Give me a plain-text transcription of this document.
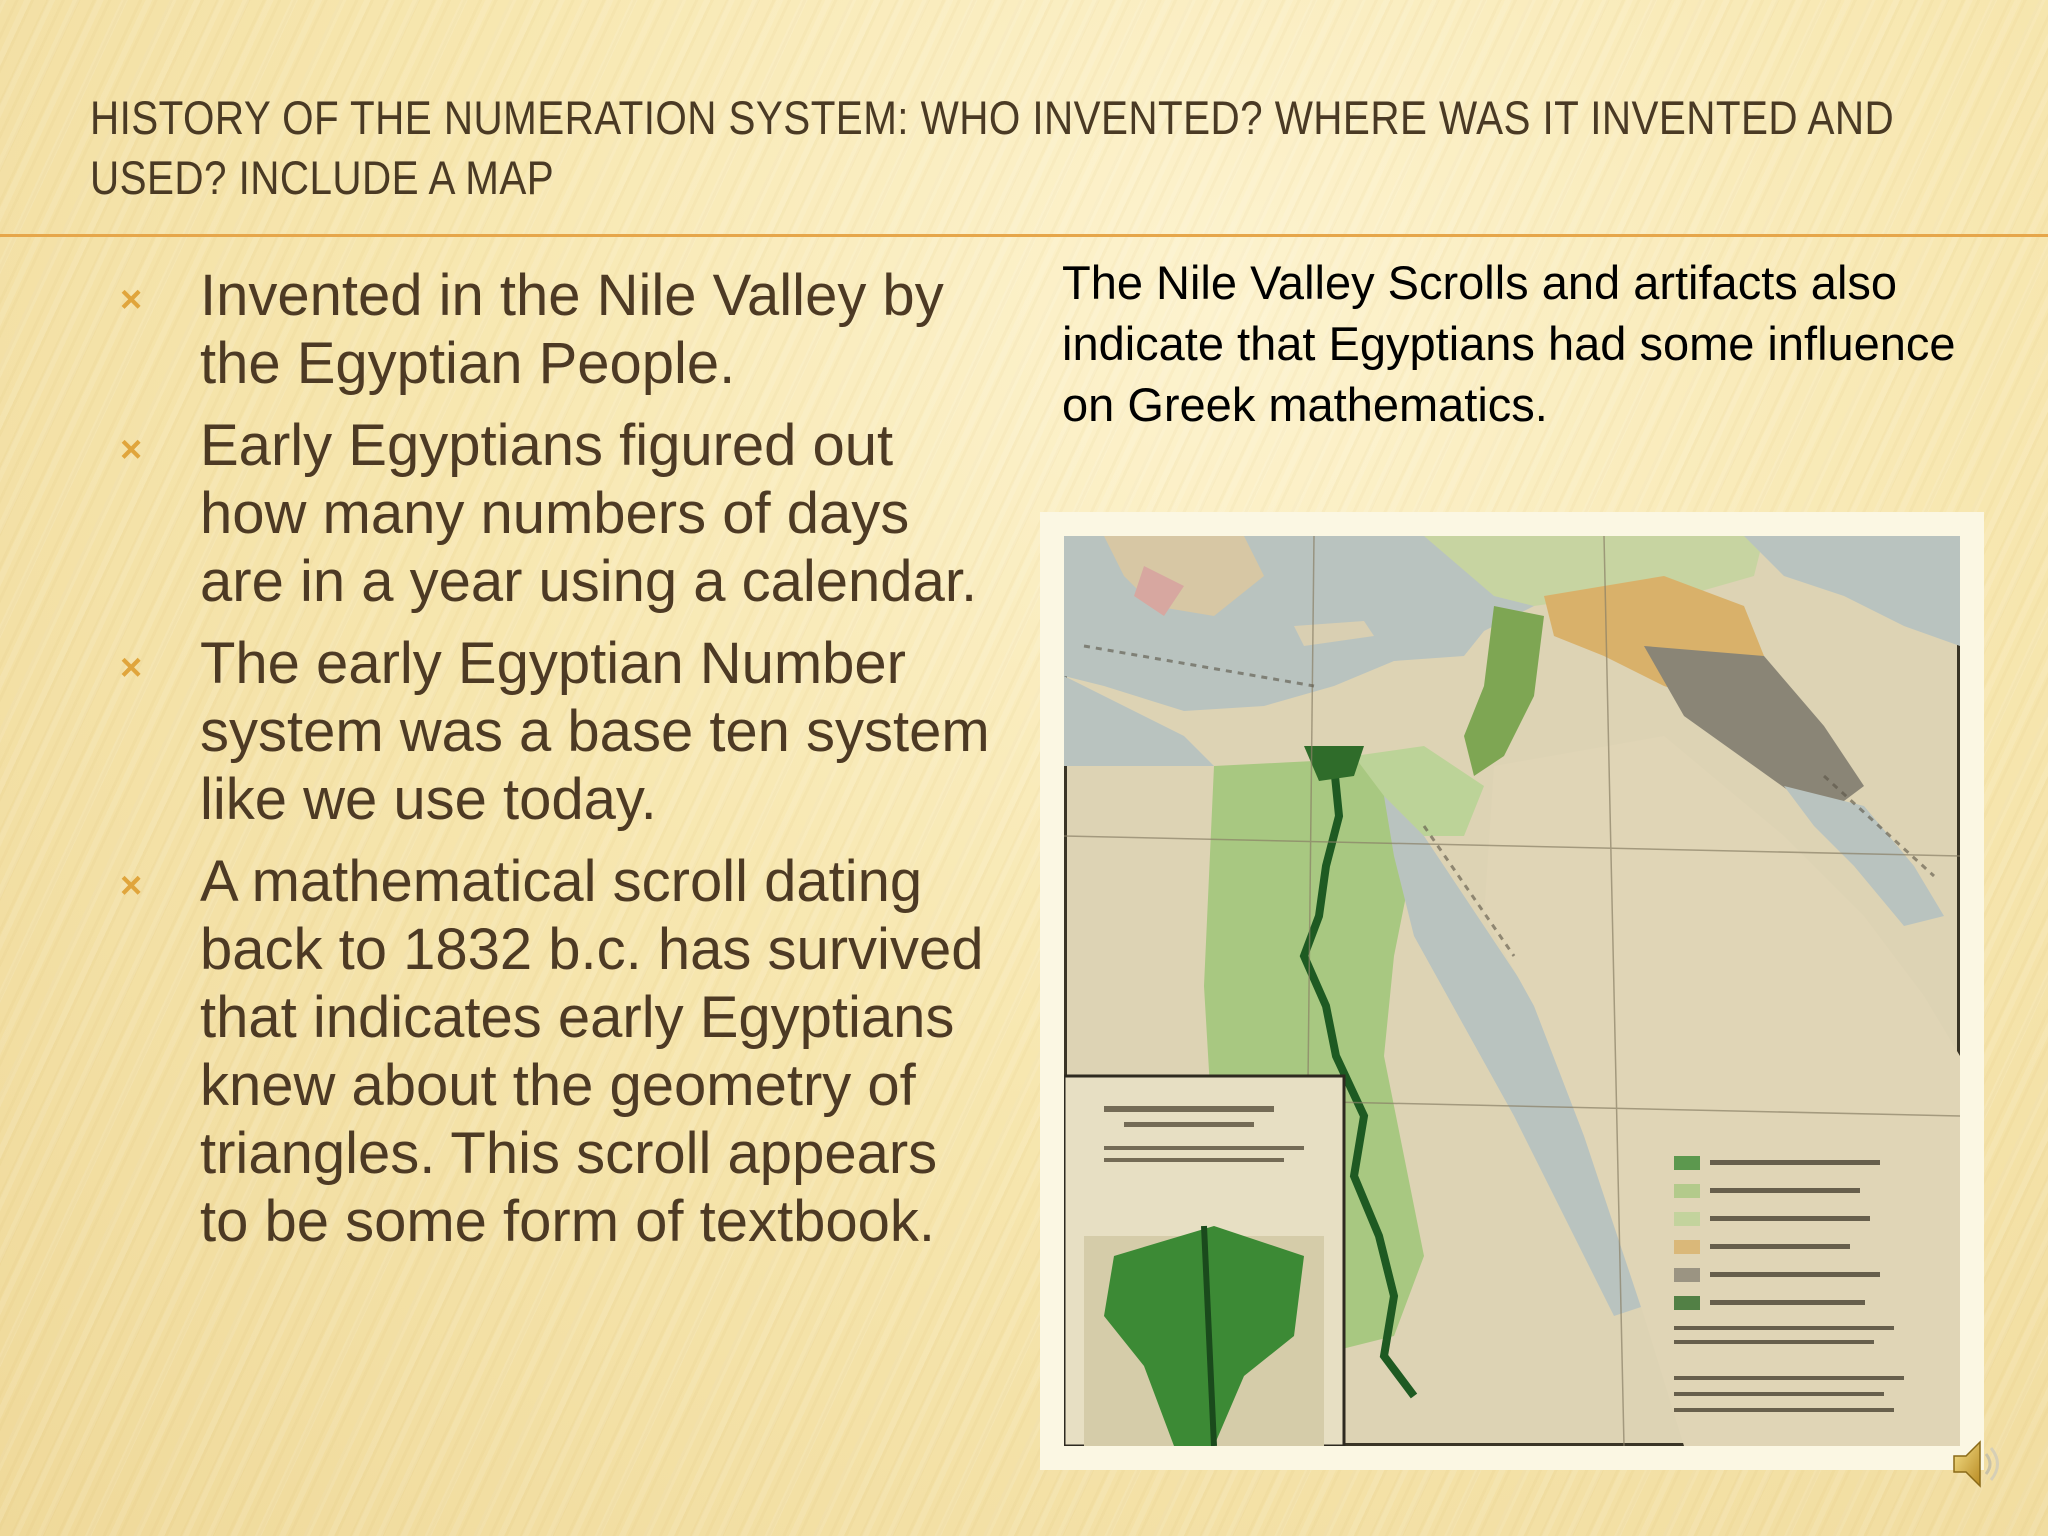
HISTORY OF THE NUMERATION SYSTEM: WHO INVENTED? WHERE WAS IT INVENTED AND USED? INCLUDE A MAP
× Invented in the Nile Valley by the Egyptian People.
× Early Egyptians figured out how many numbers of days are in a year using a calendar.
× The early Egyptian Number system was a base ten system like we use today.
× A mathematical scroll dating back to 1832 b.c. has survived that indicates early Egyptians knew about the geometry of triangles. This scroll appears to be some form of textbook.

The Nile Valley Scrolls and artifacts also indicate that Egyptians had some influence on Greek mathematics.
